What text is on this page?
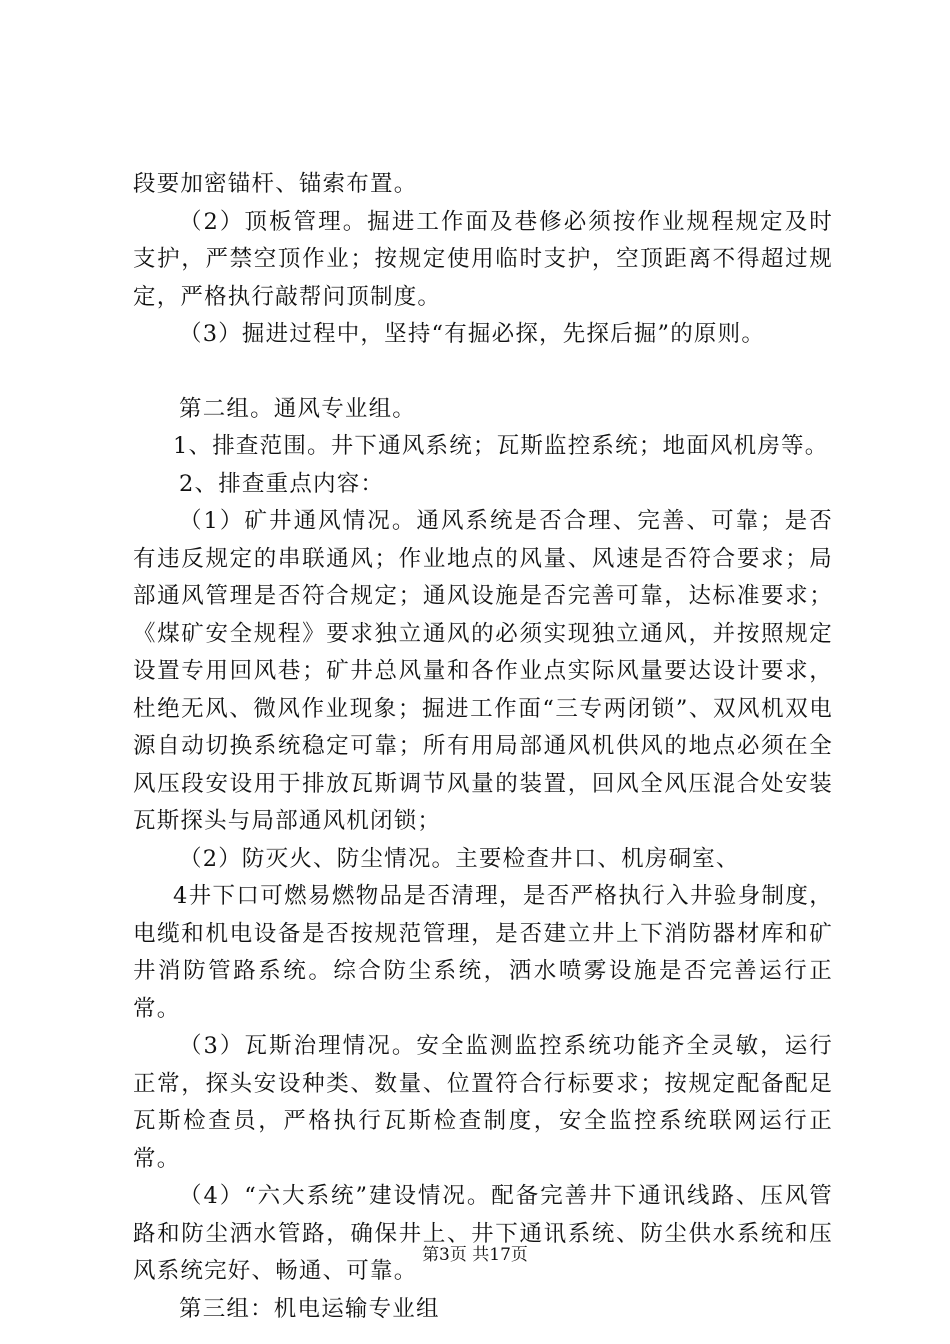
段要加密锚杆、锚索布置。

（2）顶板管理。掘进工作面及巷修必须按作业规程规定及时支护，严禁空顶作业；按规定使用临时支护，空顶距离不得超过规定，严格执行敲帮问顶制度。

（3）掘进过程中，坚持“有掘必探，先探后掘”的原则。

第二组。通风专业组。

1、排查范围。井下通风系统；瓦斯监控系统；地面风机房等。

2、排查重点内容：

（1）矿井通风情况。通风系统是否合理、完善、可靠；是否有违反规定的串联通风；作业地点的风量、风速是否符合要求；局部通风管理是否符合规定；通风设施是否完善可靠，达标准要求；《煤矿安全规程》要求独立通风的必须实现独立通风，并按照规定设置专用回风巷；矿井总风量和各作业点实际风量要达设计要求，杜绝无风、微风作业现象；掘进工作面“三专两闭锁”、双风机双电源自动切换系统稳定可靠；所有用局部通风机供风的地点必须在全风压段安设用于排放瓦斯调节风量的装置，回风全风压混合处安装瓦斯探头与局部通风机闭锁；

（2）防灭火、防尘情况。主要检查井口、机房硐室、

4井下口可燃易燃物品是否清理，是否严格执行入井验身制度，电缆和机电设备是否按规范管理，是否建立井上下消防器材库和矿井消防管路系统。综合防尘系统，洒水喷雾设施是否完善运行正常。

（3）瓦斯治理情况。安全监测监控系统功能齐全灵敏，运行正常，探头安设种类、数量、位置符合行标要求；按规定配备配足瓦斯检查员，严格执行瓦斯检查制度，安全监控系统联网运行正常。

（4）“六大系统”建设情况。配备完善井下通讯线路、压风管路和防尘洒水管路，确保井上、井下通讯系统、防尘供水系统和压风系统完好、畅通、可靠。

第三组：机电运输专业组

第3页 共17页
